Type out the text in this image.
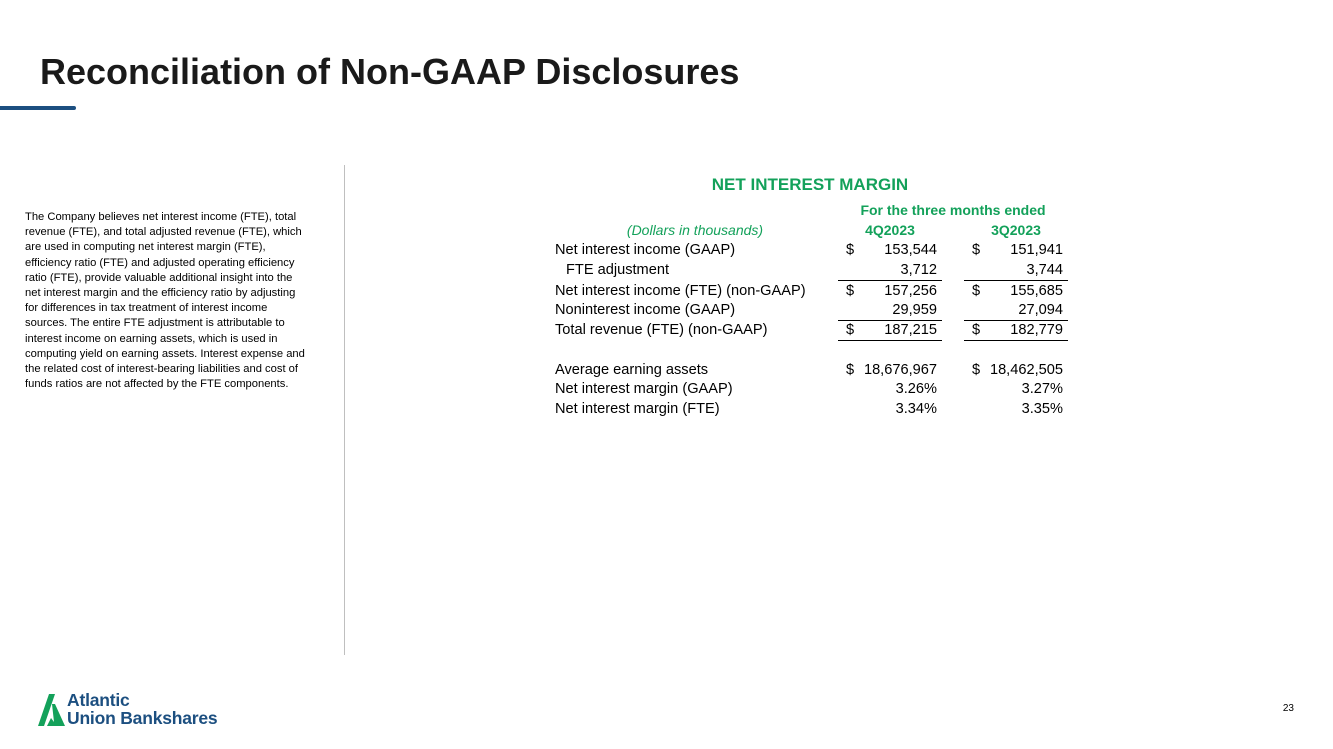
Reconciliation of Non-GAAP Disclosures
The Company believes net interest income (FTE), total revenue (FTE), and total adjusted revenue (FTE), which are used in computing net interest margin (FTE), efficiency ratio (FTE) and adjusted operating efficiency ratio (FTE), provide valuable additional insight into the net interest margin and the efficiency ratio by adjusting for differences in tax treatment of interest income sources. The entire FTE adjustment is attributable to interest income on earning assets, which is used in computing yield on earning assets. Interest expense and the related cost of interest-bearing liabilities and cost of funds ratios are not affected by the FTE components.
NET INTEREST MARGIN
For the three months ended
(Dollars in thousands)	4Q2023	3Q2023
Net interest income (GAAP)	$ 153,544 $ 151,941
FTE adjustment	3,712	3,744
Net interest income (FTE) (non-GAAP)	$ 157,256 $ 155,685
Noninterest income (GAAP)	29,959	27,094
Total revenue (FTE) (non-GAAP)	$ 187,215 $ 182,779
Average earning assets	$ 18,676,967 $ 18,462,505
Net interest margin (GAAP)	3.26%	3.27%
Net interest margin (FTE)	3.34%	3.35%
Atlantic
Union Bankshares	23
